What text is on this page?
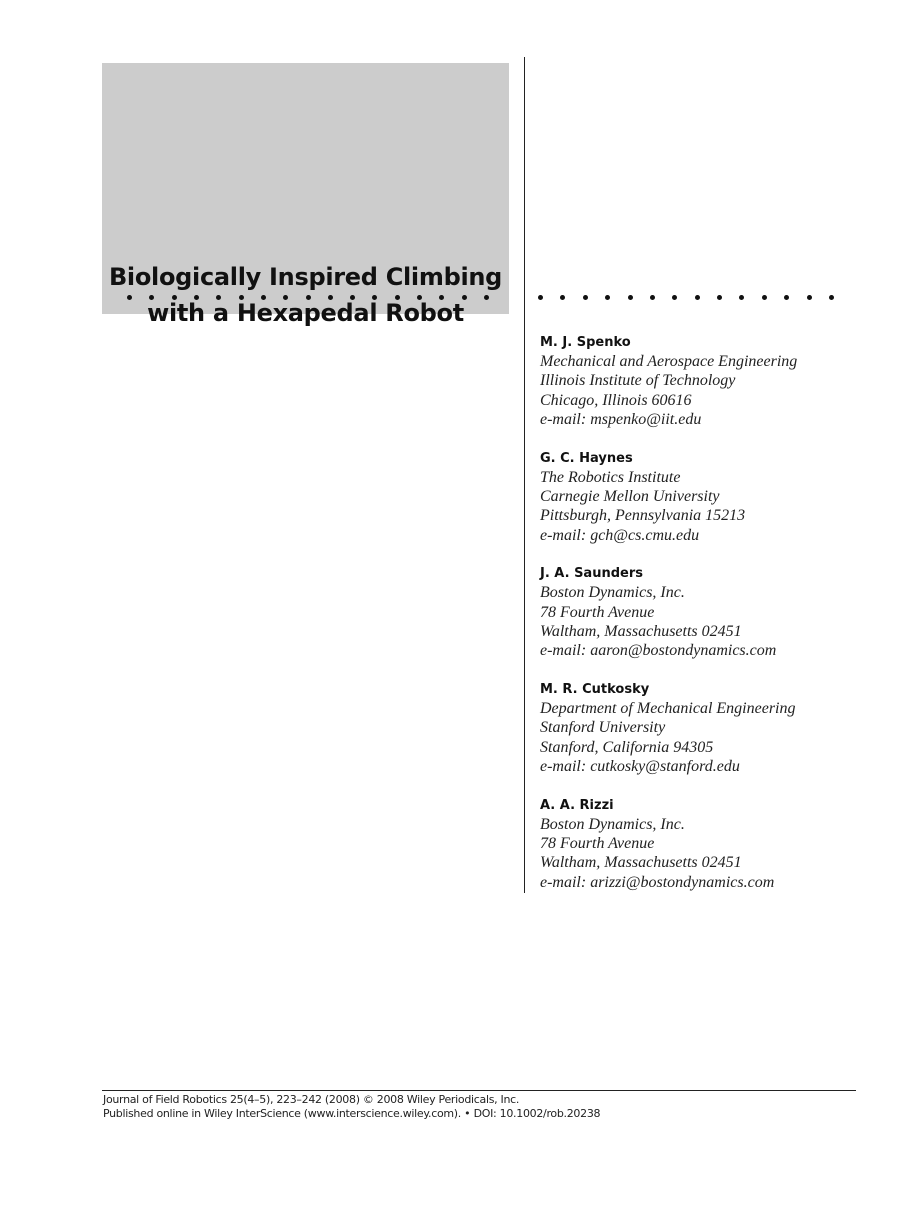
Biologically Inspired Climbing
with a Hexapedal Robot
M. J. Spenko
Mechanical and Aerospace Engineering
Illinois Institute of Technology
Chicago, Illinois 60616
e-mail: mspenko@iit.edu
G. C. Haynes
The Robotics Institute
Carnegie Mellon University
Pittsburgh, Pennsylvania 15213
e-mail: gch@cs.cmu.edu
J. A. Saunders
Boston Dynamics, Inc.
78 Fourth Avenue
Waltham, Massachusetts 02451
e-mail: aaron@bostondynamics.com
M. R. Cutkosky
Department of Mechanical Engineering
Stanford University
Stanford, California 94305
e-mail: cutkosky@stanford.edu
A. A. Rizzi
Boston Dynamics, Inc.
78 Fourth Avenue
Waltham, Massachusetts 02451
e-mail: arizzi@bostondynamics.com
Journal of Field Robotics 25(4–5), 223–242 (2008) © 2008 Wiley Periodicals, Inc.
Published online in Wiley InterScience (www.interscience.wiley.com). • DOI: 10.1002/rob.20238
